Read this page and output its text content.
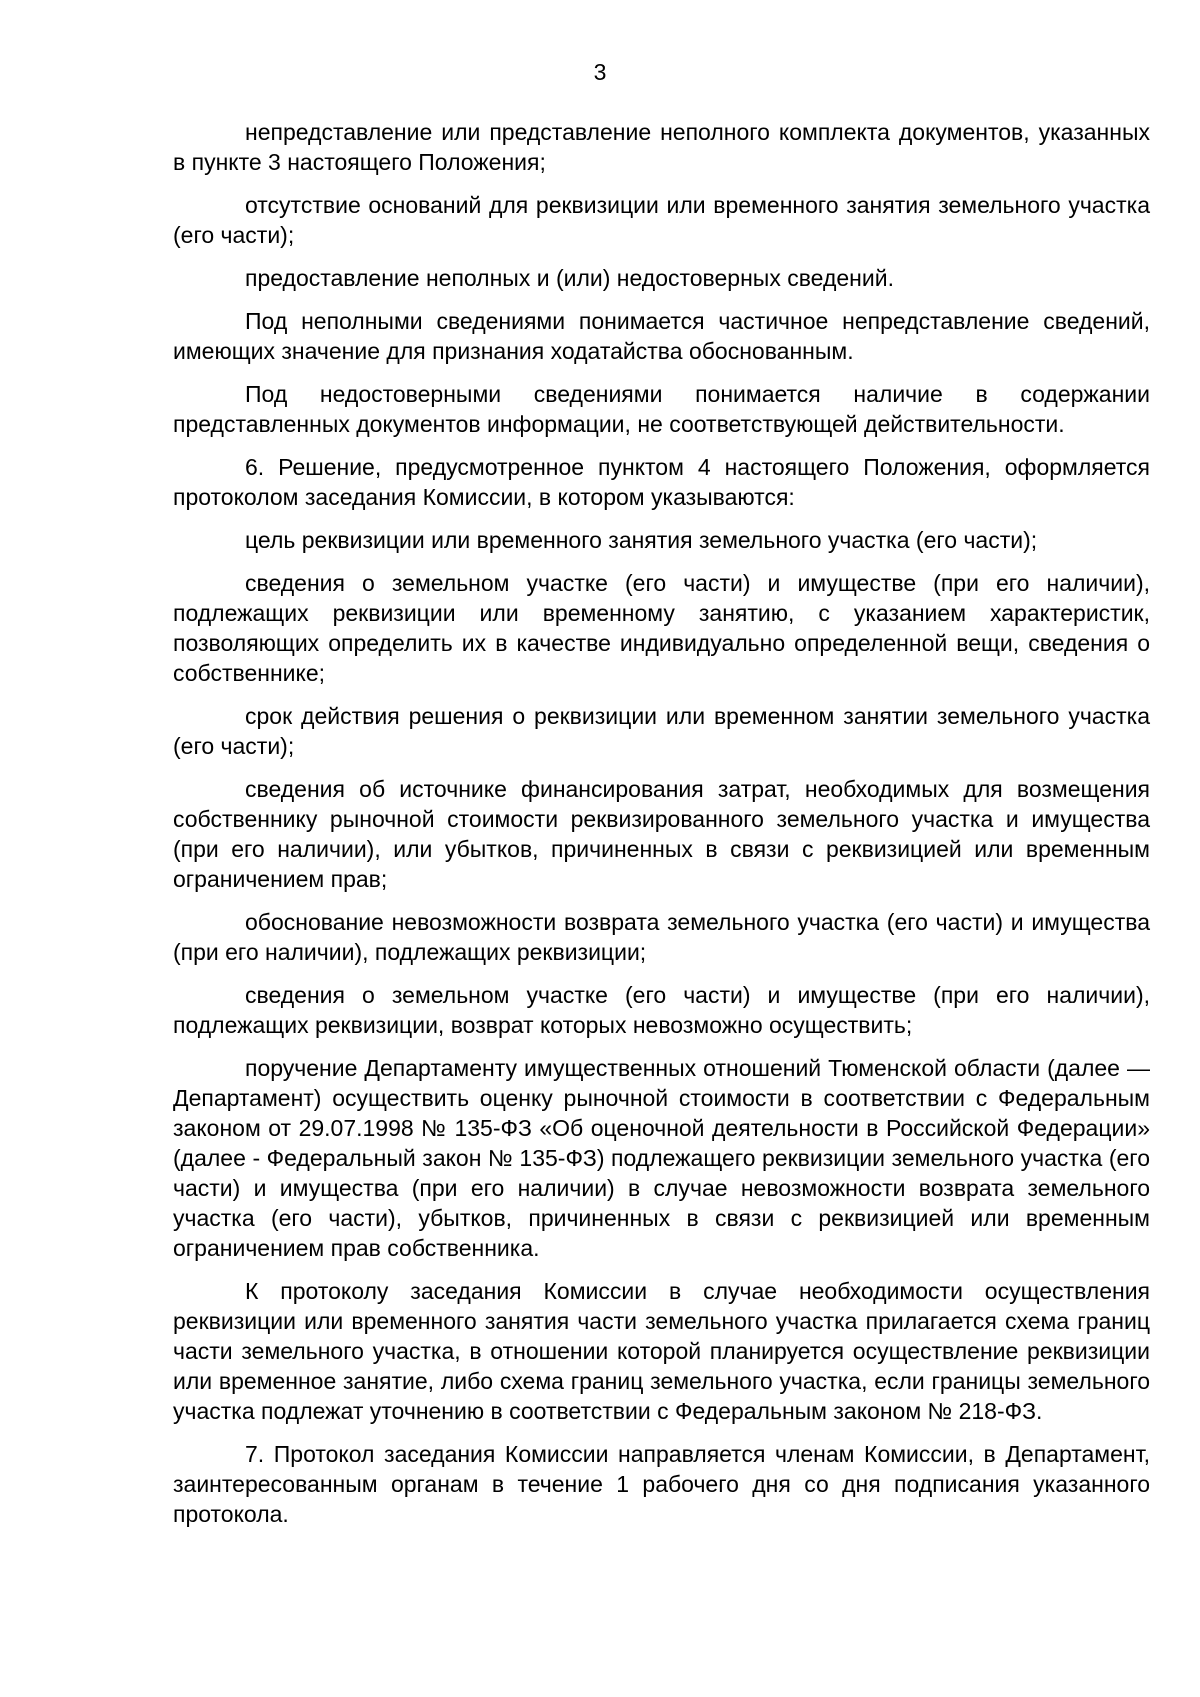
3

непредставление или представление неполного комплекта документов, указанных в пункте 3 настоящего Положения;

отсутствие оснований для реквизиции или временного занятия земельного участка (его части);

предоставление неполных и (или) недостоверных сведений.

Под неполными сведениями понимается частичное непредставление сведений, имеющих значение для признания ходатайства обоснованным.

Под недостоверными сведениями понимается наличие в содержании представленных документов информации, не соответствующей действительности.

6. Решение, предусмотренное пунктом 4 настоящего Положения, оформляется протоколом заседания Комиссии, в котором указываются:

цель реквизиции или временного занятия земельного участка (его части);

сведения о земельном участке (его части) и имуществе (при его наличии), подлежащих реквизиции или временному занятию, с указанием характеристик, позволяющих определить их в качестве индивидуально определенной вещи, сведения о собственнике;

срок действия решения о реквизиции или временном занятии земельного участка (его части);

сведения об источнике финансирования затрат, необходимых для возмещения собственнику рыночной стоимости реквизированного земельного участка и имущества (при его наличии), или убытков, причиненных в связи с реквизицией или временным ограничением прав;

обоснование невозможности возврата земельного участка (его части) и имущества (при его наличии), подлежащих реквизиции;

сведения о земельном участке (его части) и имуществе (при его наличии), подлежащих реквизиции, возврат которых невозможно осуществить;

поручение Департаменту имущественных отношений Тюменской области (далее — Департамент) осуществить оценку рыночной стоимости в соответствии с Федеральным законом от 29.07.1998 № 135-ФЗ «Об оценочной деятельности в Российской Федерации» (далее - Федеральный закон № 135-ФЗ) подлежащего реквизиции земельного участка (его части) и имущества (при его наличии) в случае невозможности возврата земельного участка (его части), убытков, причиненных в связи с реквизицией или временным ограничением прав собственника.

К протоколу заседания Комиссии в случае необходимости осуществления реквизиции или временного занятия части земельного участка прилагается схема границ части земельного участка, в отношении которой планируется осуществление реквизиции или временное занятие, либо схема границ земельного участка, если границы земельного участка подлежат уточнению в соответствии с Федеральным законом № 218-ФЗ.

7. Протокол заседания Комиссии направляется членам Комиссии, в Департамент, заинтересованным органам в течение 1 рабочего дня со дня подписания указанного протокола.
